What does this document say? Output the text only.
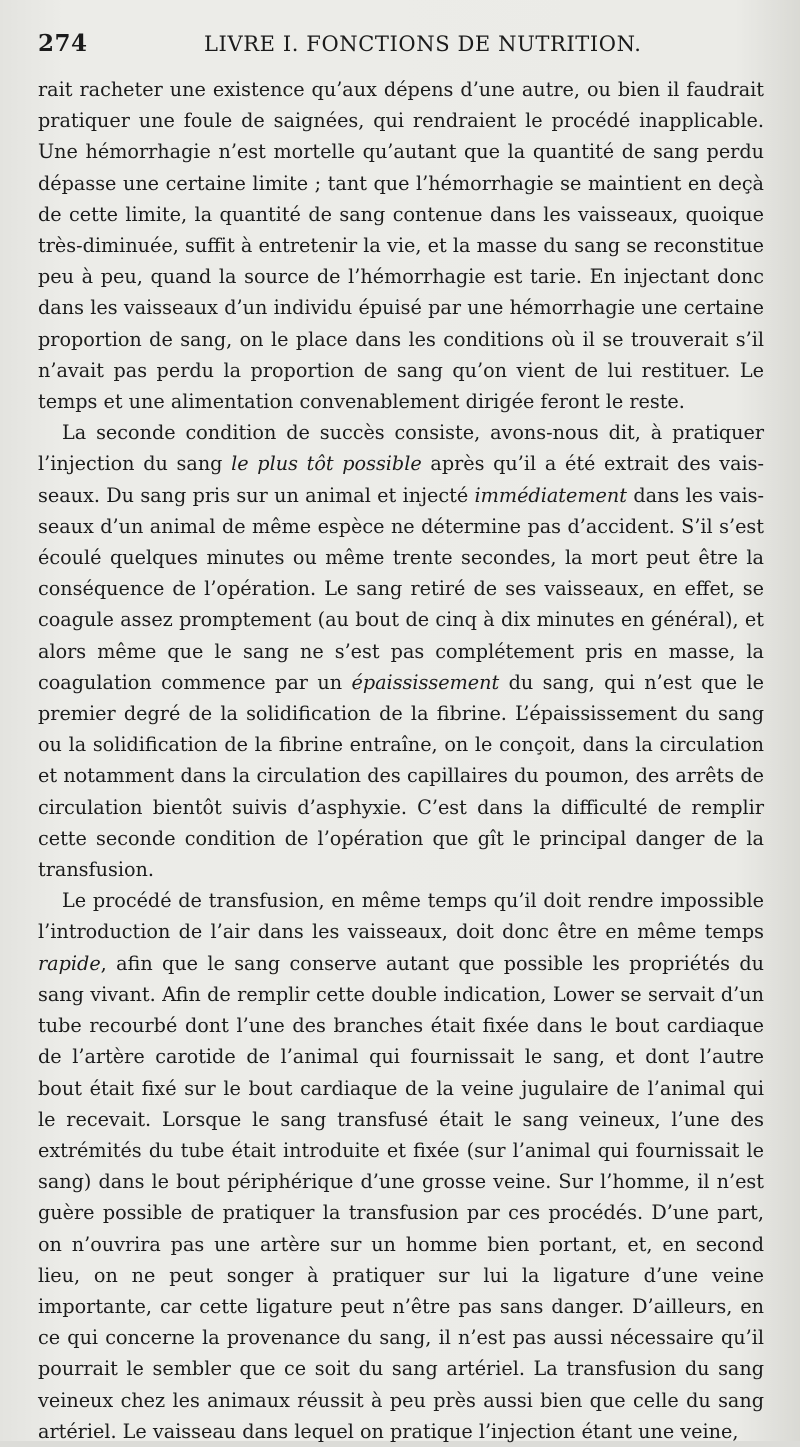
274	LIVRE I. FONCTIONS DE NUTRITION.

rait racheter une existence qu’aux dépens d’une autre, ou bien il faudrait pratiquer une foule de saignées, qui rendraient le procédé inapplicable. Une hémorrhagie n’est mortelle qu’autant que la quantité de sang perdu dépasse une certaine limite ; tant que l’hémorrhagie se maintient en deçà de cette limite, la quantité de sang contenue dans les vaisseaux, quoique très-diminuée, suffit à entretenir la vie, et la masse du sang se reconstitue peu à peu, quand la source de l’hémorrhagie est tarie. En injectant donc dans les vaisseaux d’un individu épuisé par une hémorrhagie une certaine proportion de sang, on le place dans les conditions où il se trouverait s’il n’avait pas perdu la proportion de sang qu’on vient de lui restituer. Le temps et une alimentation convenablement dirigée feront le reste.

La seconde condition de succès consiste, avons-nous dit, à pratiquer l’injection du sang le plus tôt possible après qu’il a été extrait des vaisseaux. Du sang pris sur un animal et injecté immédiatement dans les vaisseaux d’un animal de même espèce ne détermine pas d’accident. S’il s’est écoulé quelques minutes ou même trente secondes, la mort peut être la conséquence de l’opération. Le sang retiré de ses vaisseaux, en effet, se coagule assez promptement (au bout de cinq à dix minutes en général), et alors même que le sang ne s’est pas complétement pris en masse, la coagulation commence par un épaississement du sang, qui n’est que le premier degré de la solidification de la fibrine. L’épaississement du sang ou la solidification de la fibrine entraîne, on le conçoit, dans la circulation et notamment dans la circulation des capillaires du poumon, des arrêts de circulation bientôt suivis d’asphyxie. C’est dans la difficulté de remplir cette seconde condition de l’opération que gît le principal danger de la transfusion.

Le procédé de transfusion, en même temps qu’il doit rendre impossible l’introduction de l’air dans les vaisseaux, doit donc être en même temps rapide, afin que le sang conserve autant que possible les propriétés du sang vivant. Afin de remplir cette double indication, Lower se servait d’un tube recourbé dont l’une des branches était fixée dans le bout cardiaque de l’artère carotide de l’animal qui fournissait le sang, et dont l’autre bout était fixé sur le bout cardiaque de la veine jugulaire de l’animal qui le recevait. Lorsque le sang transfusé était le sang veineux, l’une des extrémités du tube était introduite et fixée (sur l’animal qui fournissait le sang) dans le bout périphérique d’une grosse veine. Sur l’homme, il n’est guère possible de pratiquer la transfusion par ces procédés. D’une part, on n’ouvrira pas une artère sur un homme bien portant, et, en second lieu, on ne peut songer à pratiquer sur lui la ligature d’une veine importante, car cette ligature peut n’être pas sans danger. D’ailleurs, en ce qui concerne la provenance du sang, il n’est pas aussi nécessaire qu’il pourrait le sembler que ce soit du sang artériel. La transfusion du sang veineux chez les animaux réussit à peu près aussi bien que celle du sang artériel. Le vaisseau dans lequel on pratique l’injection étant une veine,
